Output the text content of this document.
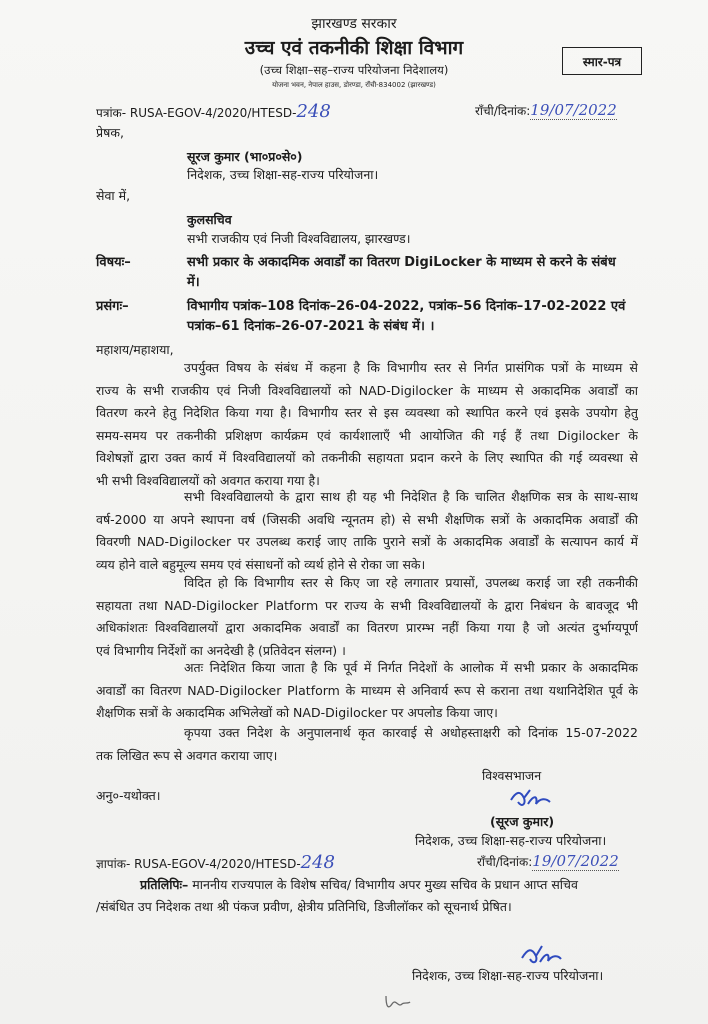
झारखण्ड सरकार
उच्च एवं तकनीकी शिक्षा विभाग
(उच्च शिक्षा–सह–राज्य परियोजना निदेशालय)
योजना भवन, नेपाल हाउस, डोरण्डा, राँची-834002 (झारखण्ड)
स्मार-पत्र
पत्रांक- RUSA-EGOV-4/2020/HTESD-248	राँची/दिनांक:19/07/2022
प्रेषक,
सूरज कुमार (भा०प्र०से०)
निदेशक, उच्च शिक्षा-सह-राज्य परियोजना।
सेवा में,
कुलसचिव
सभी राजकीय एवं निजी विश्वविद्यालय, झारखण्ड।
विषयः–	सभी प्रकार के अकादमिक अवार्डों का वितरण DigiLocker के माध्यम से करने के संबंध
में।
प्रसंगः–	विभागीय पत्रांक–108 दिनांक–26-04-2022, पत्रांक–56 दिनांक–17-02-2022 एवं
पत्रांक–61 दिनांक–26-07-2021 के संबंध में। ।
महाशय/महाशया,
उपर्युक्त विषय के संबंध में कहना है कि विभागीय स्तर से निर्गत प्रासंगिक पत्रों के माध्यम से
राज्य के सभी राजकीय एवं निजी विश्वविद्यालयों को NAD-Digilocker के माध्यम से अकादमिक अवार्डों का
वितरण करने हेतु निदेशित किया गया है। विभागीय स्तर से इस व्यवस्था को स्थापित करने एवं इसके उपयोग हेतु
समय-समय पर तकनीकी प्रशिक्षण कार्यक्रम एवं कार्यशालाएँ भी आयोजित की गई हैं तथा Digilocker के
विशेषज्ञों द्वारा उक्त कार्य में विश्वविद्यालयों को तकनीकी सहायता प्रदान करने के लिए स्थापित की गई व्यवस्था से
भी सभी विश्वविद्यालयों को अवगत कराया गया है।
सभी विश्वविद्यालयो के द्वारा साथ ही यह भी निदेशित है कि चालित शैक्षणिक सत्र के साथ-साथ
वर्ष-2000 या अपने स्थापना वर्ष (जिसकी अवधि न्यूनतम हो) से सभी शैक्षणिक सत्रों के अकादमिक अवार्डों की
विवरणी NAD-Digilocker पर उपलब्ध कराई जाए ताकि पुराने सत्रों के अकादमिक अवार्डों के सत्यापन कार्य में
व्यय होने वाले बहुमूल्य समय एवं संसाधनों को व्यर्थ होने से रोका जा सके।
विदित हो कि विभागीय स्तर से किए जा रहे लगातार प्रयासों, उपलब्ध कराई जा रही तकनीकी
सहायता तथा NAD-Digilocker Platform पर राज्य के सभी विश्वविद्यालयों के द्वारा निबंधन के बावजूद भी
अधिकांशतः विश्वविद्यालयों द्वारा अकादमिक अवार्डों का वितरण प्रारम्भ नहीं किया गया है जो अत्यंत दुर्भाग्यपूर्ण
एवं विभागीय निर्देशों का अनदेखी है (प्रतिवेदन संलग्न) ।
अतः निदेशित किया जाता है कि पूर्व में निर्गत निदेशों के आलोक में सभी प्रकार के अकादमिक
अवार्डों का वितरण NAD-Digilocker Platform के माध्यम से अनिवार्य रूप से कराना तथा यथानिदेशित पूर्व के
शैक्षणिक सत्रों के अकादमिक अभिलेखों को NAD-Digilocker पर अपलोड किया जाए।
कृपया उक्त निदेश के अनुपालनार्थ कृत कारवाई से अधोहस्ताक्षरी को दिनांक 15-07-2022
तक लिखित रूप से अवगत कराया जाए।
विश्वसभाजन
अनु०-यथोक्त।
(सूरज कुमार)
निदेशक, उच्च शिक्षा-सह-राज्य परियोजना।
ज्ञापांक- RUSA-EGOV-4/2020/HTESD-248	राँची/दिनांक:19/07/2022
प्रतिलिपिः– माननीय राज्यपाल के विशेष सचिव/ विभागीय अपर मुख्य सचिव के प्रधान आप्त सचिव
/संबंधित उप निदेशक तथा श्री पंकज प्रवीण, क्षेत्रीय प्रतिनिधि, डिजीलॉकर को सूचनार्थ प्रेषित।
निदेशक, उच्च शिक्षा-सह-राज्य परियोजना।
